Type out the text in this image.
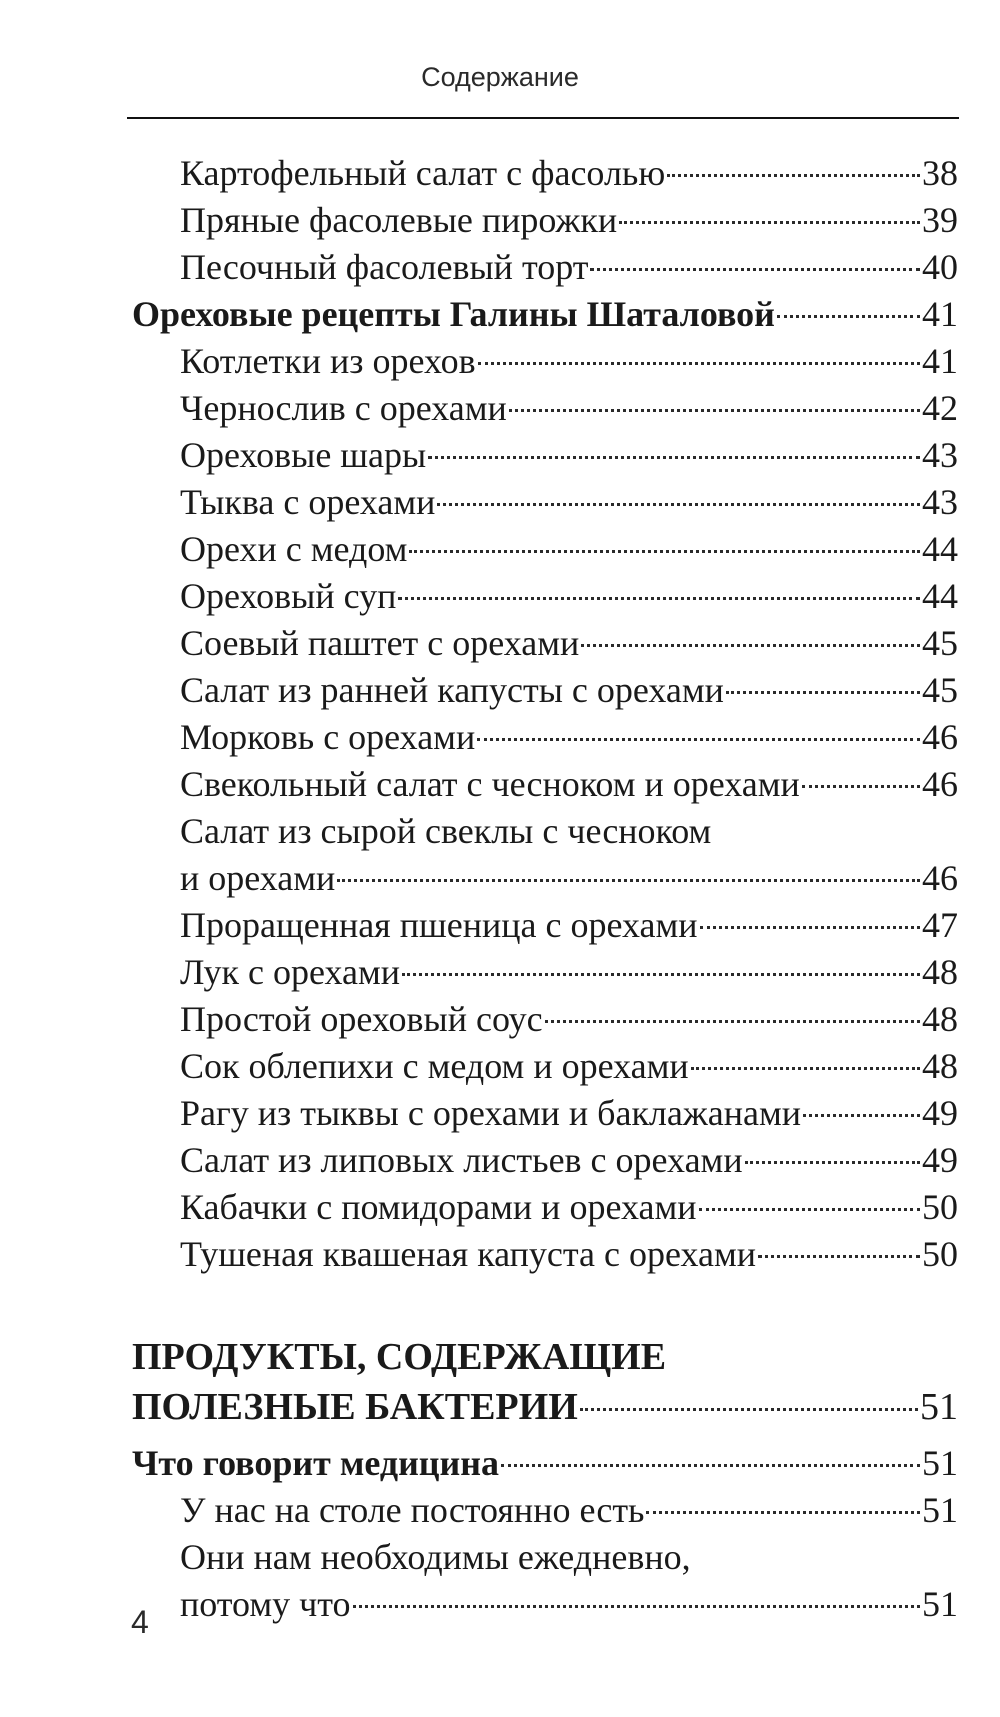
Содержание
Картофельный салат с фасолью	38
Пряные фасолевые пирожки	39
Песочный фасолевый торт	40
Ореховые рецепты Галины Шаталовой	41
Котлетки из орехов	41
Чернослив с орехами	42
Ореховые шары	43
Тыква с орехами	43
Орехи с медом	44
Ореховый суп	44
Соевый паштет с орехами	45
Салат из ранней капусты с орехами	45
Морковь с орехами	46
Свекольный салат с чесноком и орехами	46
Салат из сырой свеклы с чесноком
и орехами	46
Проращенная пшеница с орехами	47
Лук с орехами	48
Простой ореховый соус	48
Сок облепихи с медом и орехами	48
Рагу из тыквы с орехами и баклажанами	49
Салат из липовых листьев с орехами	49
Кабачки с помидорами и орехами	50
Тушеная квашеная капуста с орехами	50
ПРОДУКТЫ, СОДЕРЖАЩИЕ
ПОЛЕЗНЫЕ БАКТЕРИИ	51
Что говорит медицина	51
У нас на столе постоянно есть	51
Они нам необходимы ежедневно,
потому что	51
4
